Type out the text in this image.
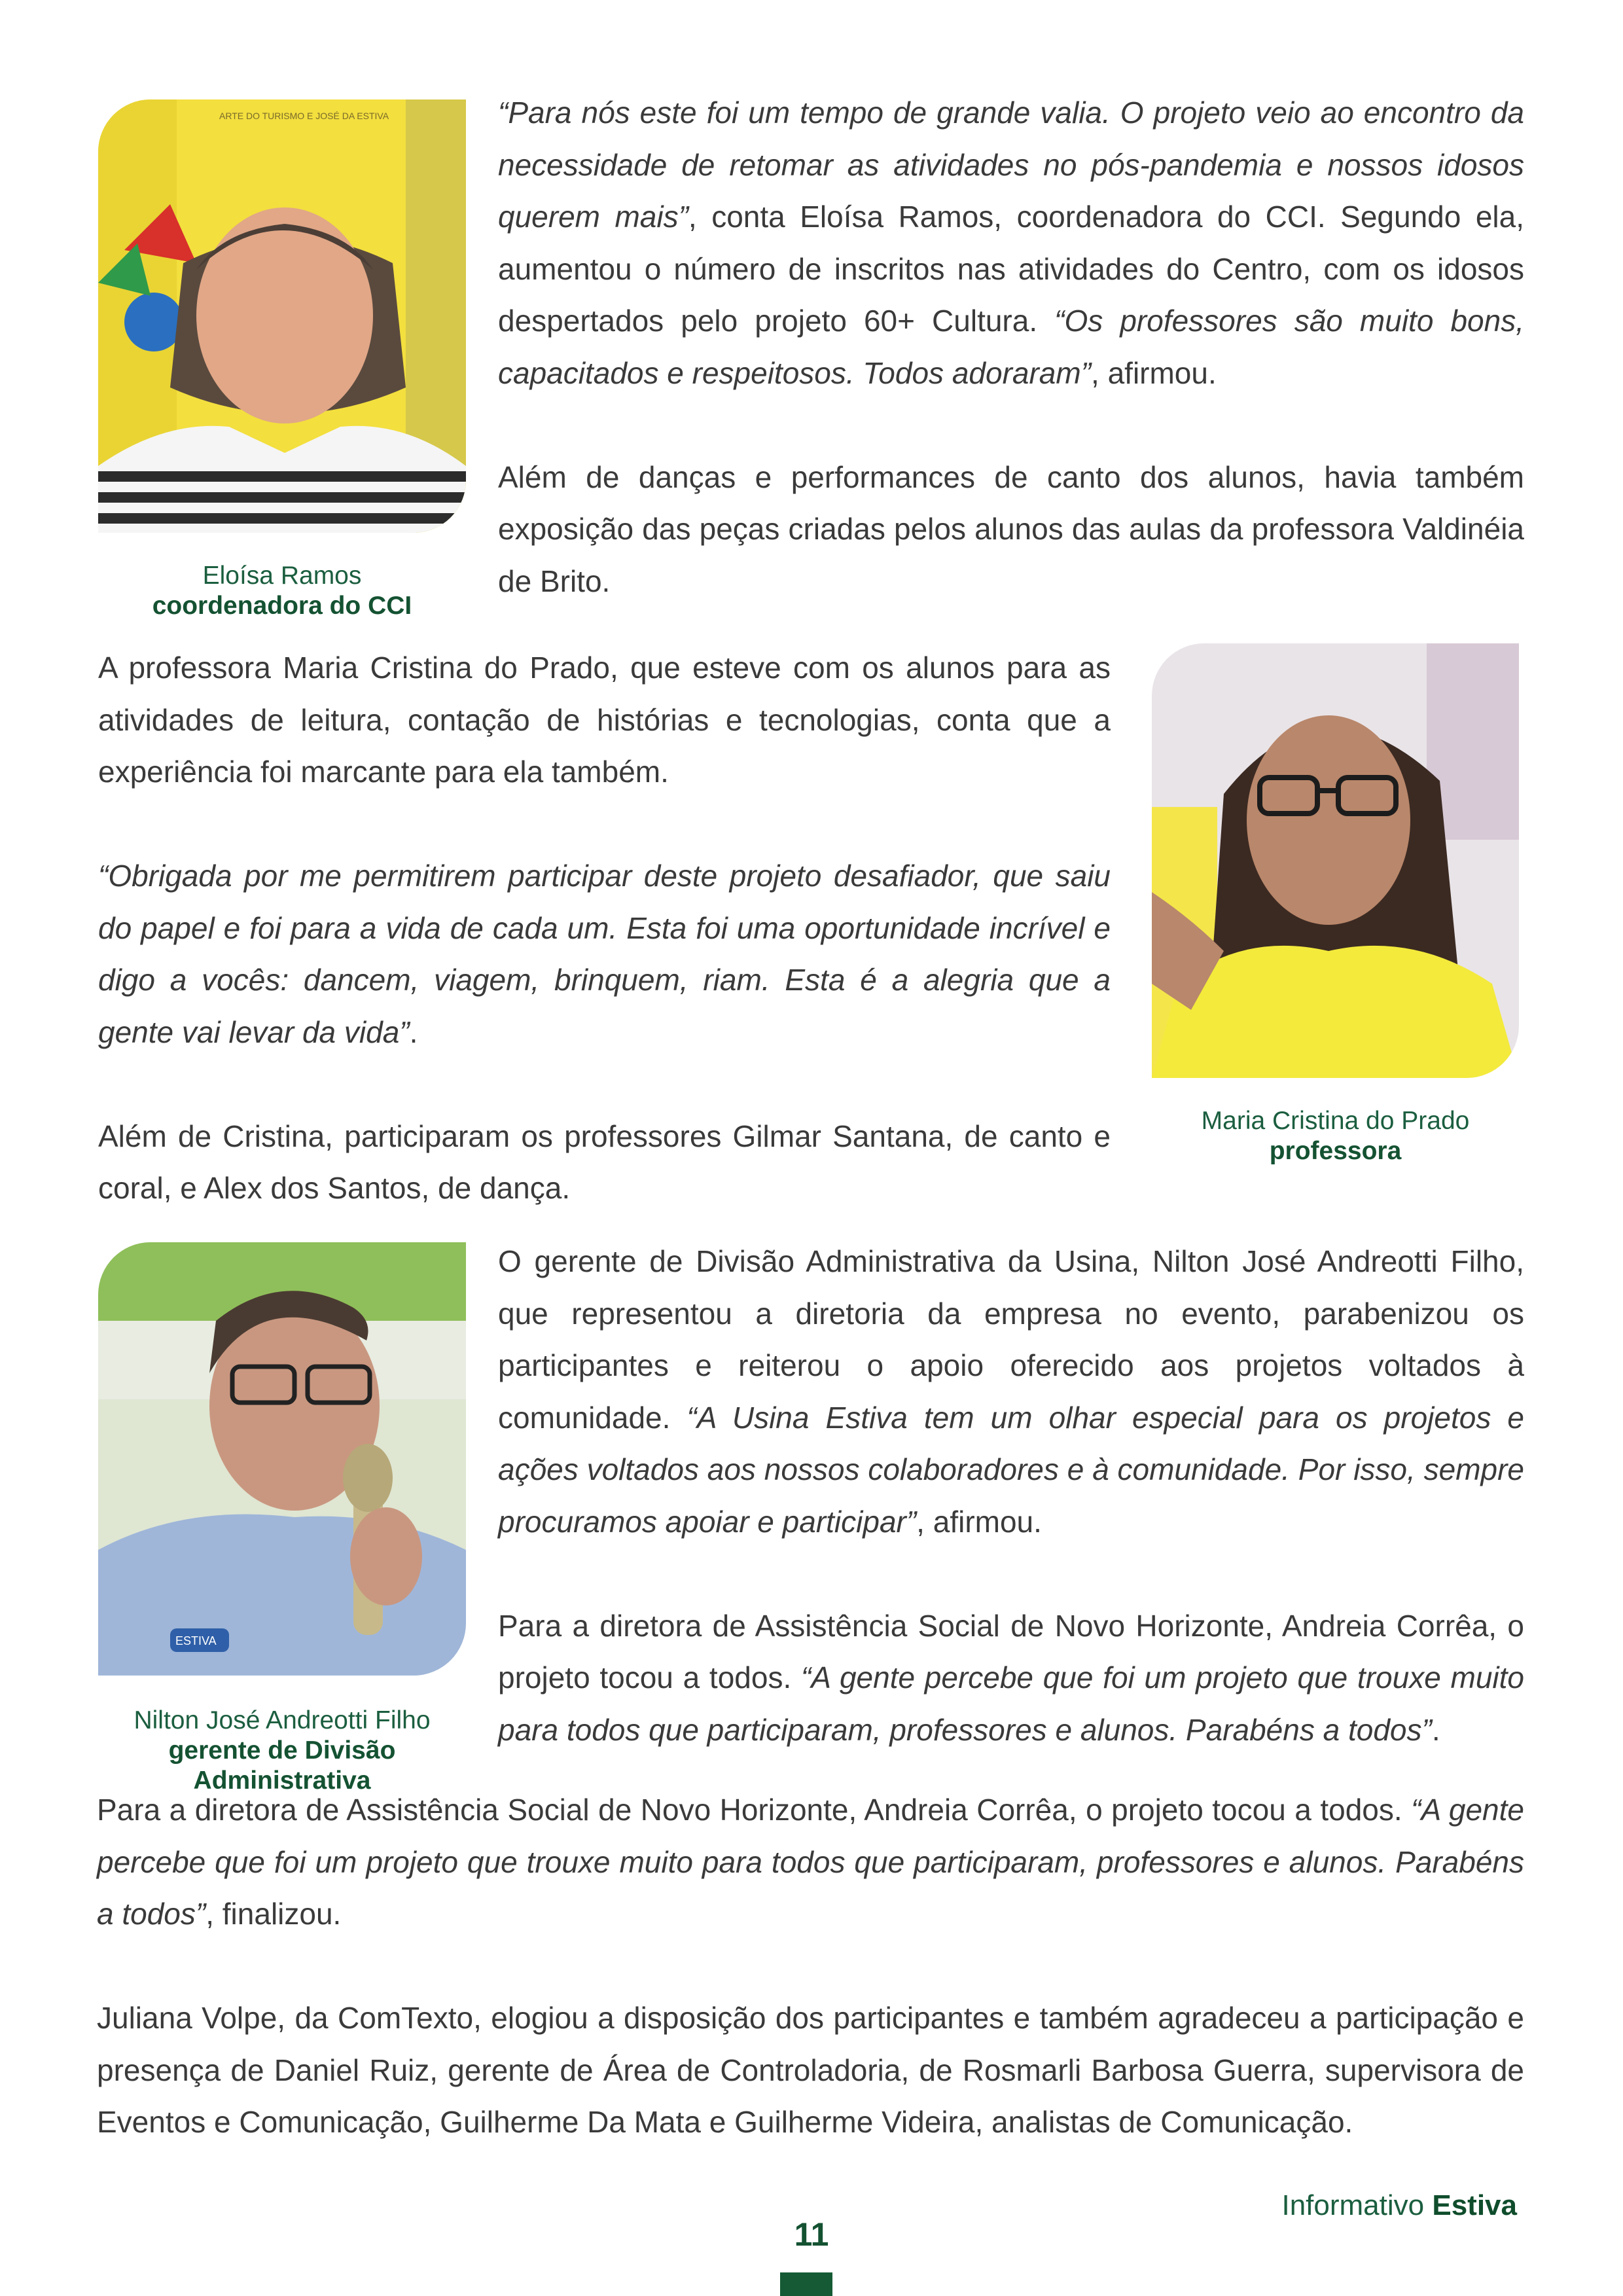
ARTE DO TURISMO E JOSÉ DA ESTIVA
Eloísa Ramos
coordenadora do CCI

“Para nós este foi um tempo de grande valia. O projeto veio ao encontro da necessidade de retomar as atividades no pós-pandemia e nossos idosos querem mais”, conta Eloísa Ramos, coordenadora do CCI. Segundo ela, aumentou o número de inscritos nas atividades do Centro, com os idosos despertados pelo projeto 60+ Cultura. “Os professores são muito bons, capacitados e respeitosos. Todos adoraram”, afirmou.

Além de danças e performances de canto dos alunos, havia também exposição das peças criadas pelos alunos das aulas da professora Valdinéia de Brito.

A professora Maria Cristina do Prado, que esteve com os alunos para as atividades de leitura, contação de histórias e tecnologias, conta que a experiência foi marcante para ela também.

“Obrigada por me permitirem participar deste projeto desafiador, que saiu do papel e foi para a vida de cada um. Esta foi uma oportunidade incrível e digo a vocês: dancem, viagem, brinquem, riam. Esta é a alegria que a gente vai levar da vida”.

Além de Cristina, participaram os professores Gilmar Santana, de canto e coral, e Alex dos Santos, de dança.

Maria Cristina do Prado
professora
ESTIVA
Nilton José Andreotti Filho
gerente de Divisão Administrativa

O gerente de Divisão Administrativa da Usina, Nilton José Andreotti Filho, que representou a diretoria da empresa no evento, parabenizou os participantes e reiterou o apoio oferecido aos projetos voltados à comunidade. “A Usina Estiva tem um olhar especial para os projetos e ações voltados aos nossos colaboradores e à comunidade. Por isso, sempre procuramos apoiar e participar”, afirmou.

Para a diretora de Assistência Social de Novo Horizonte, Andreia Corrêa, o projeto tocou a todos. “A gente percebe que foi um projeto que trouxe muito para todos que participaram, professores e alunos. Parabéns a todos”.

Para a diretora de Assistência Social de Novo Horizonte, Andreia Corrêa, o projeto tocou a todos. “A gente percebe que foi um projeto que trouxe muito para todos que participaram, professores e alunos. Parabéns a todos”, finalizou.

Juliana Volpe, da ComTexto, elogiou a disposição dos participantes e também agradeceu a participação e presença de Daniel Ruiz, gerente de Área de Controladoria, de Rosmarli Barbosa Guerra, supervisora de Eventos e Comunicação, Guilherme Da Mata e Guilherme Videira, analistas de Comunicação.

Informativo Estiva
11
